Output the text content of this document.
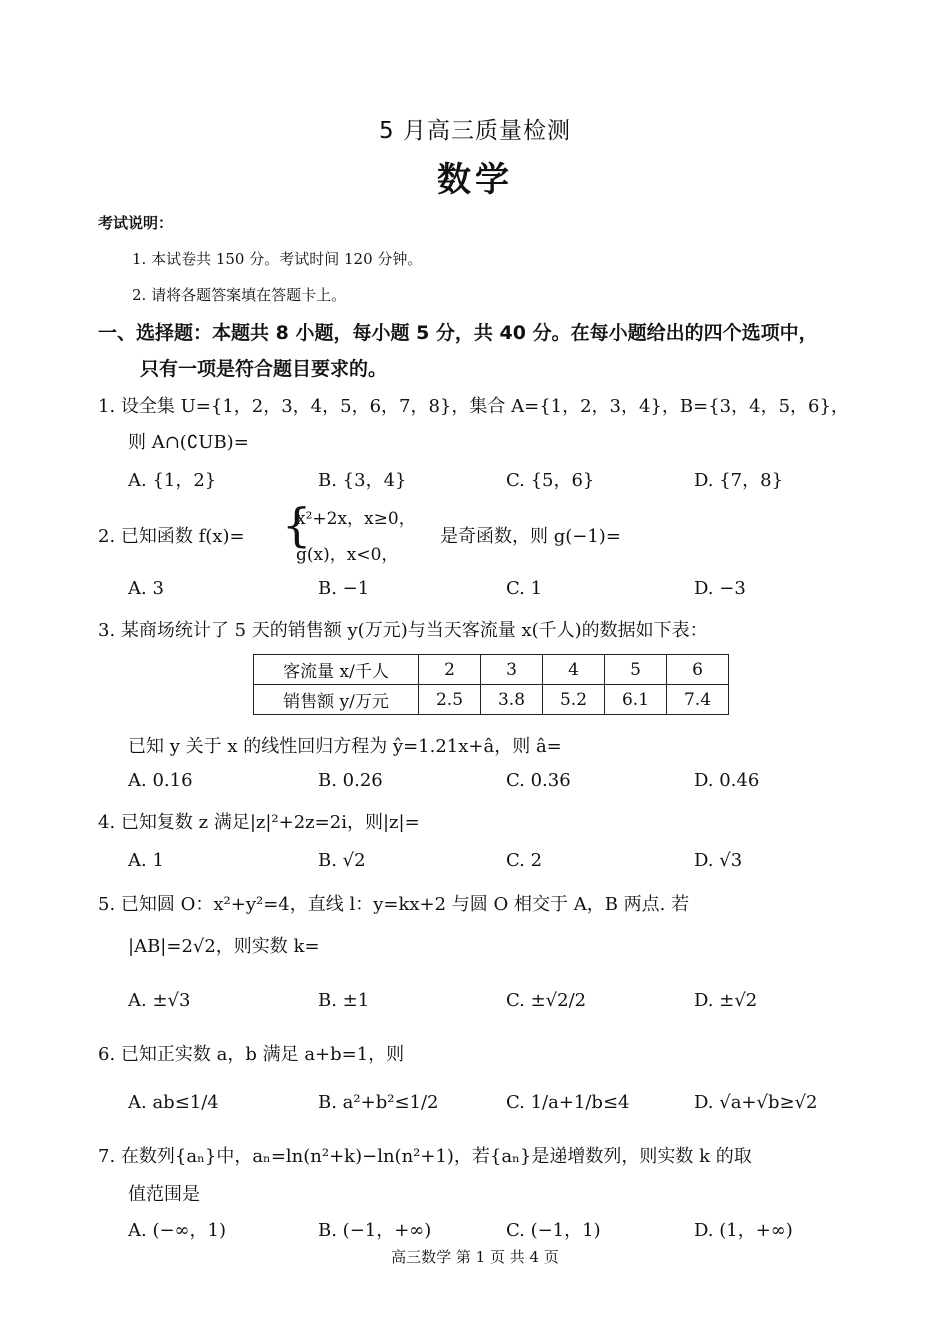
5 月高三质量检测
数学
考试说明：
1. 本试卷共 150 分。考试时间 120 分钟。
2. 请将各题答案填在答题卡上。
一、选择题：本题共 8 小题，每小题 5 分，共 40 分。在每小题给出的四个选项中，
只有一项是符合题目要求的。
1. 设全集 U={1，2，3，4，5，6，7，8}，集合 A={1，2，3，4}，B={3，4，5，6}，
则 A∩(∁UB)=
A. {1，2}	B. {3，4}	C. {5，6}	D. {7，8}
2. 已知函数 f(x)= {
x²+2x，x≥0，
g(x)，x<0，
是奇函数，则 g(−1)=
A. 3	B. −1	C. 1	D. −3
3. 某商场统计了 5 天的销售额 y(万元)与当天客流量 x(千人)的数据如下表：
客流量 x/千人	2	3	4	5	6
销售额 y/万元	2.5	3.8	5.2	6.1	7.4
已知 y 关于 x 的线性回归方程为 ŷ=1.21x+â，则 â=
A. 0.16	B. 0.26	C. 0.36	D. 0.46
4. 已知复数 z 满足|z|²+2z=2i，则|z|=
A. 1	B. √2	C. 2	D. √3
5. 已知圆 O：x²+y²=4，直线 l：y=kx+2 与圆 O 相交于 A，B 两点. 若
|AB|=2√2，则实数 k=
A. ±√3	B. ±1	C. ±√2/2	D. ±√2
6. 已知正实数 a，b 满足 a+b=1，则
A. ab≤1/4	B. a²+b²≤1/2	C. 1/a+1/b≤4	D. √a+√b≥√2
7. 在数列{aₙ}中，aₙ=ln(n²+k)−ln(n²+1)，若{aₙ}是递增数列，则实数 k 的取
值范围是
A. (−∞，1)	B. (−1，+∞)	C. (−1，1)	D. (1，+∞)
高三数学 第 1 页 共 4 页
